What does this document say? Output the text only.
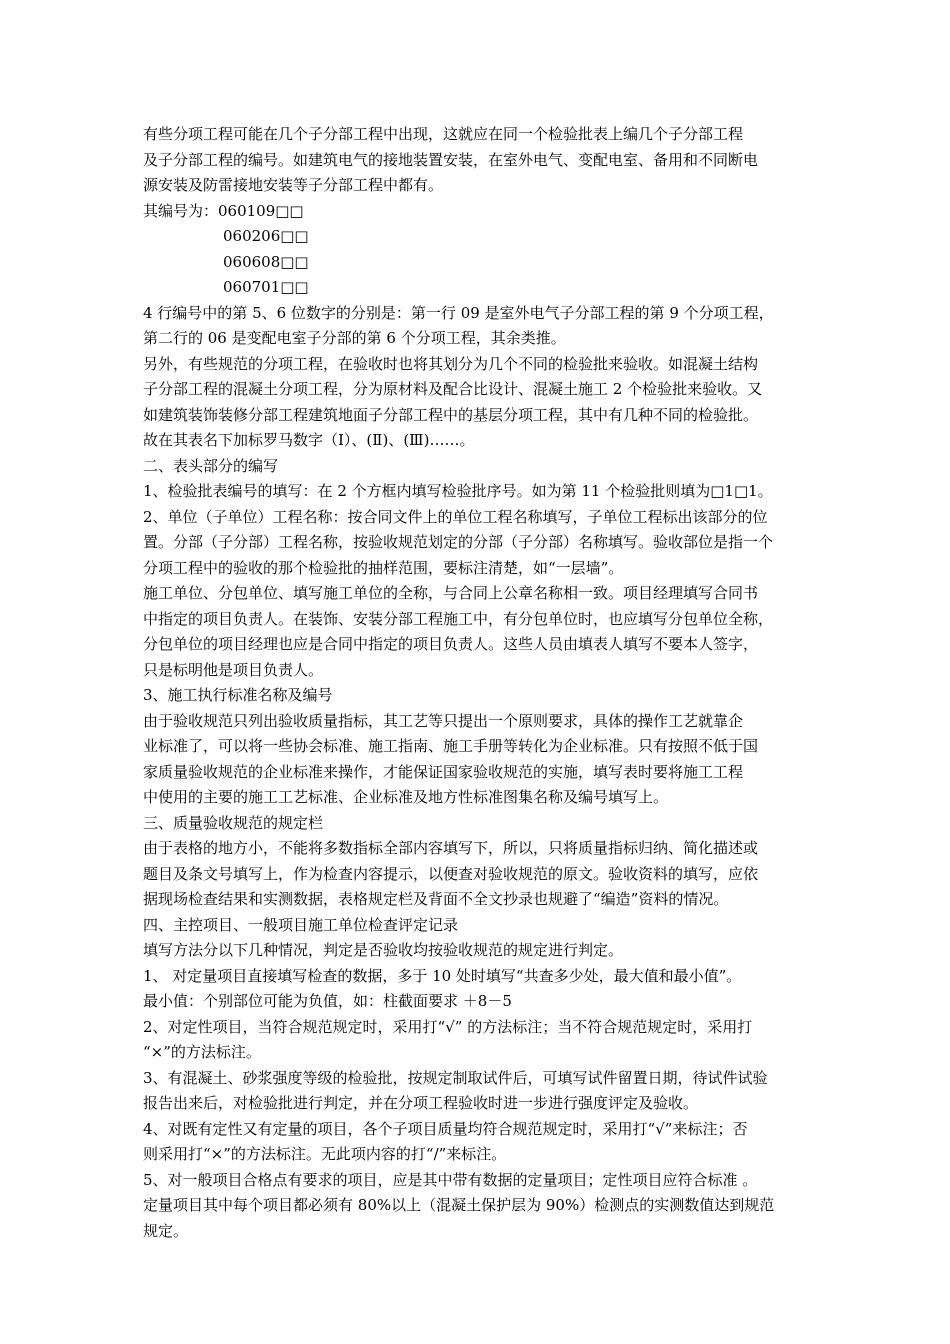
有些分项工程可能在几个子分部工程中出现，这就应在同一个检验批表上编几个子分部工程
及子分部工程的编号。如建筑电气的接地装置安装，在室外电气、变配电室、备用和不同断电
源安装及防雷接地安装等子分部工程中都有。
其编号为：060109□□
060206□□
060608□□
060701□□
4 行编号中的第 5、6 位数字的分别是：第一行 09 是室外电气子分部工程的第 9 个分项工程，
第二行的 06 是变配电室子分部的第 6 个分项工程，其余类推。
另外，有些规范的分项工程，在验收时也将其划分为几个不同的检验批来验收。如混凝土结构
子分部工程的混凝土分项工程，分为原材料及配合比设计、混凝土施工 2 个检验批来验收。又
如建筑装饰装修分部工程建筑地面子分部工程中的基层分项工程，其中有几种不同的检验批。
故在其表名下加标罗马数字（Ⅰ）、(Ⅱ)、(Ⅲ)……。
二、表头部分的编写
1、检验批表编号的填写：在 2 个方框内填写检验批序号。如为第 11 个检验批则填为□1□1。
2、单位（子单位）工程名称：按合同文件上的单位工程名称填写，子单位工程标出该部分的位
置。分部（子分部）工程名称，按验收规范划定的分部（子分部）名称填写。验收部位是指一个
分项工程中的验收的那个检验批的抽样范围，要标注清楚，如“一层墙”。
施工单位、分包单位、填写施工单位的全称，与合同上公章名称相一致。项目经理填写合同书
中指定的项目负责人。在装饰、安装分部工程施工中，有分包单位时，也应填写分包单位全称，
分包单位的项目经理也应是合同中指定的项目负责人。这些人员由填表人填写不要本人签字，
只是标明他是项目负责人。
3、施工执行标准名称及编号
由于验收规范只列出验收质量指标，其工艺等只提出一个原则要求，具体的操作工艺就靠企
业标准了，可以将一些协会标准、施工指南、施工手册等转化为企业标准。只有按照不低于国
家质量验收规范的企业标准来操作，才能保证国家验收规范的实施，填写表时要将施工工程
中使用的主要的施工工艺标准、企业标准及地方性标准图集名称及编号填写上。
三、质量验收规范的规定栏
由于表格的地方小，不能将多数指标全部内容填写下，所以，只将质量指标归纳、简化描述或
题目及条文号填写上，作为检查内容提示，以便查对验收规范的原文。验收资料的填写，应依
据现场检查结果和实测数据，表格规定栏及背面不全文抄录也规避了“编造”资料的情况。
四、主控项目、一般项目施工单位检查评定记录
填写方法分以下几种情况，判定是否验收均按验收规范的规定进行判定。
1、 对定量项目直接填写检查的数据，多于 10 处时填写“共查多少处，最大值和最小值”。
最小值：个别部位可能为负值，如：柱截面要求 ＋8－5
2、对定性项目，当符合规范规定时，采用打“√” 的方法标注；当不符合规范规定时，采用打
“×”的方法标注。
3、有混凝土、砂浆强度等级的检验批，按规定制取试件后，可填写试件留置日期，待试件试验
报告出来后，对检验批进行判定，并在分项工程验收时进一步进行强度评定及验收。
4、对既有定性又有定量的项目，各个子项目质量均符合规范规定时，采用打“√”来标注；否
则采用打“×”的方法标注。无此项内容的打“/”来标注。
5、对一般项目合格点有要求的项目，应是其中带有数据的定量项目；定性项目应符合标准 。
定量项目其中每个项目都必须有 80%以上（混凝土保护层为 90%）检测点的实测数值达到规范
规定。
